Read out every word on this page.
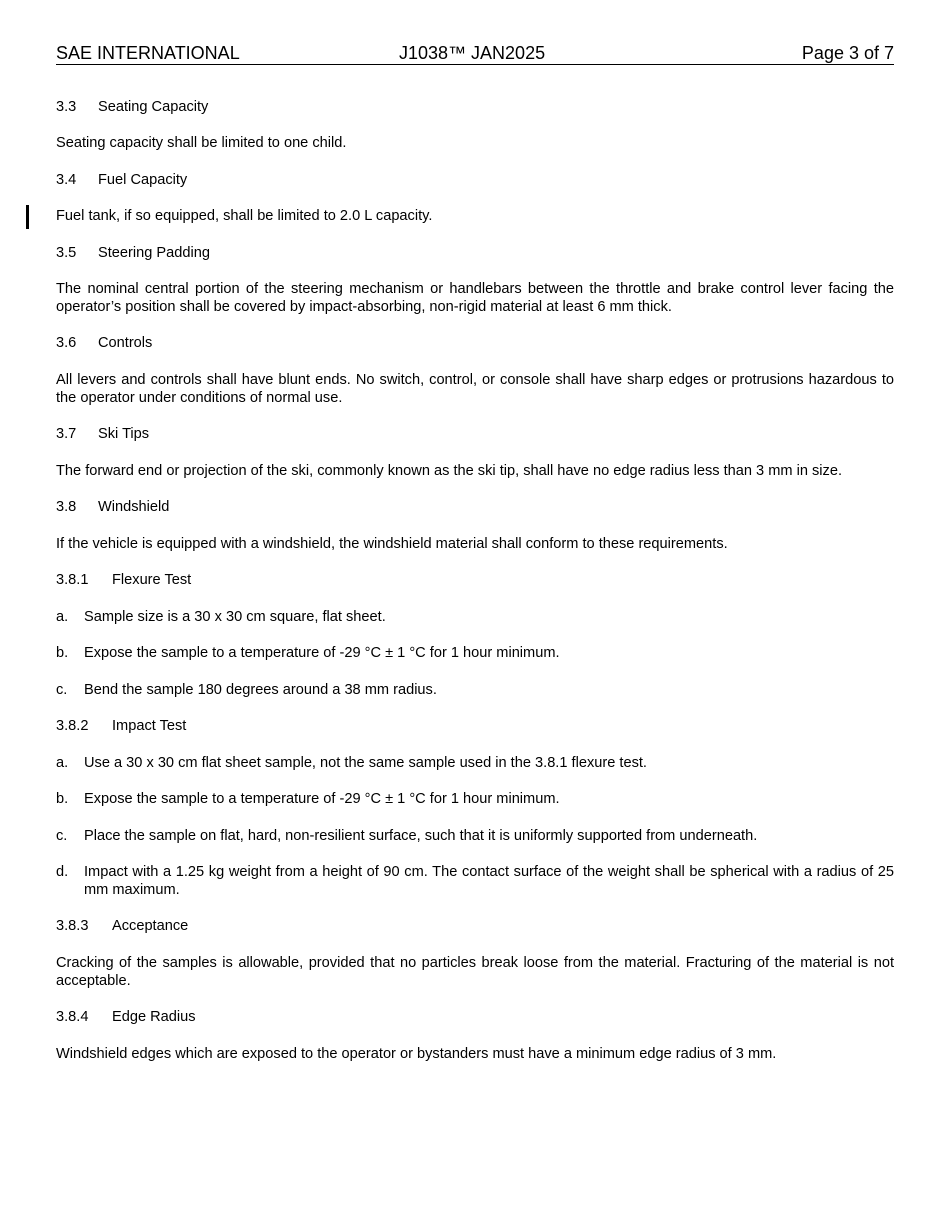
SAE INTERNATIONAL	J1038™ JAN2025	Page 3 of 7
3.3 Seating Capacity
Seating capacity shall be limited to one child.
3.4 Fuel Capacity
Fuel tank, if so equipped, shall be limited to 2.0 L capacity.
3.5 Steering Padding
The nominal central portion of the steering mechanism or handlebars between the throttle and brake control lever facing the operator’s position shall be covered by impact-absorbing, non-rigid material at least 6 mm thick.
3.6 Controls
All levers and controls shall have blunt ends. No switch, control, or console shall have sharp edges or protrusions hazardous to the operator under conditions of normal use.
3.7 Ski Tips
The forward end or projection of the ski, commonly known as the ski tip, shall have no edge radius less than 3 mm in size.
3.8 Windshield
If the vehicle is equipped with a windshield, the windshield material shall conform to these requirements.
3.8.1 Flexure Test
a. Sample size is a 30 x 30 cm square, flat sheet.
b. Expose the sample to a temperature of -29 °C ± 1 °C for 1 hour minimum.
c. Bend the sample 180 degrees around a 38 mm radius.
3.8.2 Impact Test
a. Use a 30 x 30 cm flat sheet sample, not the same sample used in the 3.8.1 flexure test.
b. Expose the sample to a temperature of -29 °C ± 1 °C for 1 hour minimum.
c. Place the sample on flat, hard, non-resilient surface, such that it is uniformly supported from underneath.
d. Impact with a 1.25 kg weight from a height of 90 cm. The contact surface of the weight shall be spherical with a radius of 25 mm maximum.
3.8.3 Acceptance
Cracking of the samples is allowable, provided that no particles break loose from the material. Fracturing of the material is not acceptable.
3.8.4 Edge Radius
Windshield edges which are exposed to the operator or bystanders must have a minimum edge radius of 3 mm.
